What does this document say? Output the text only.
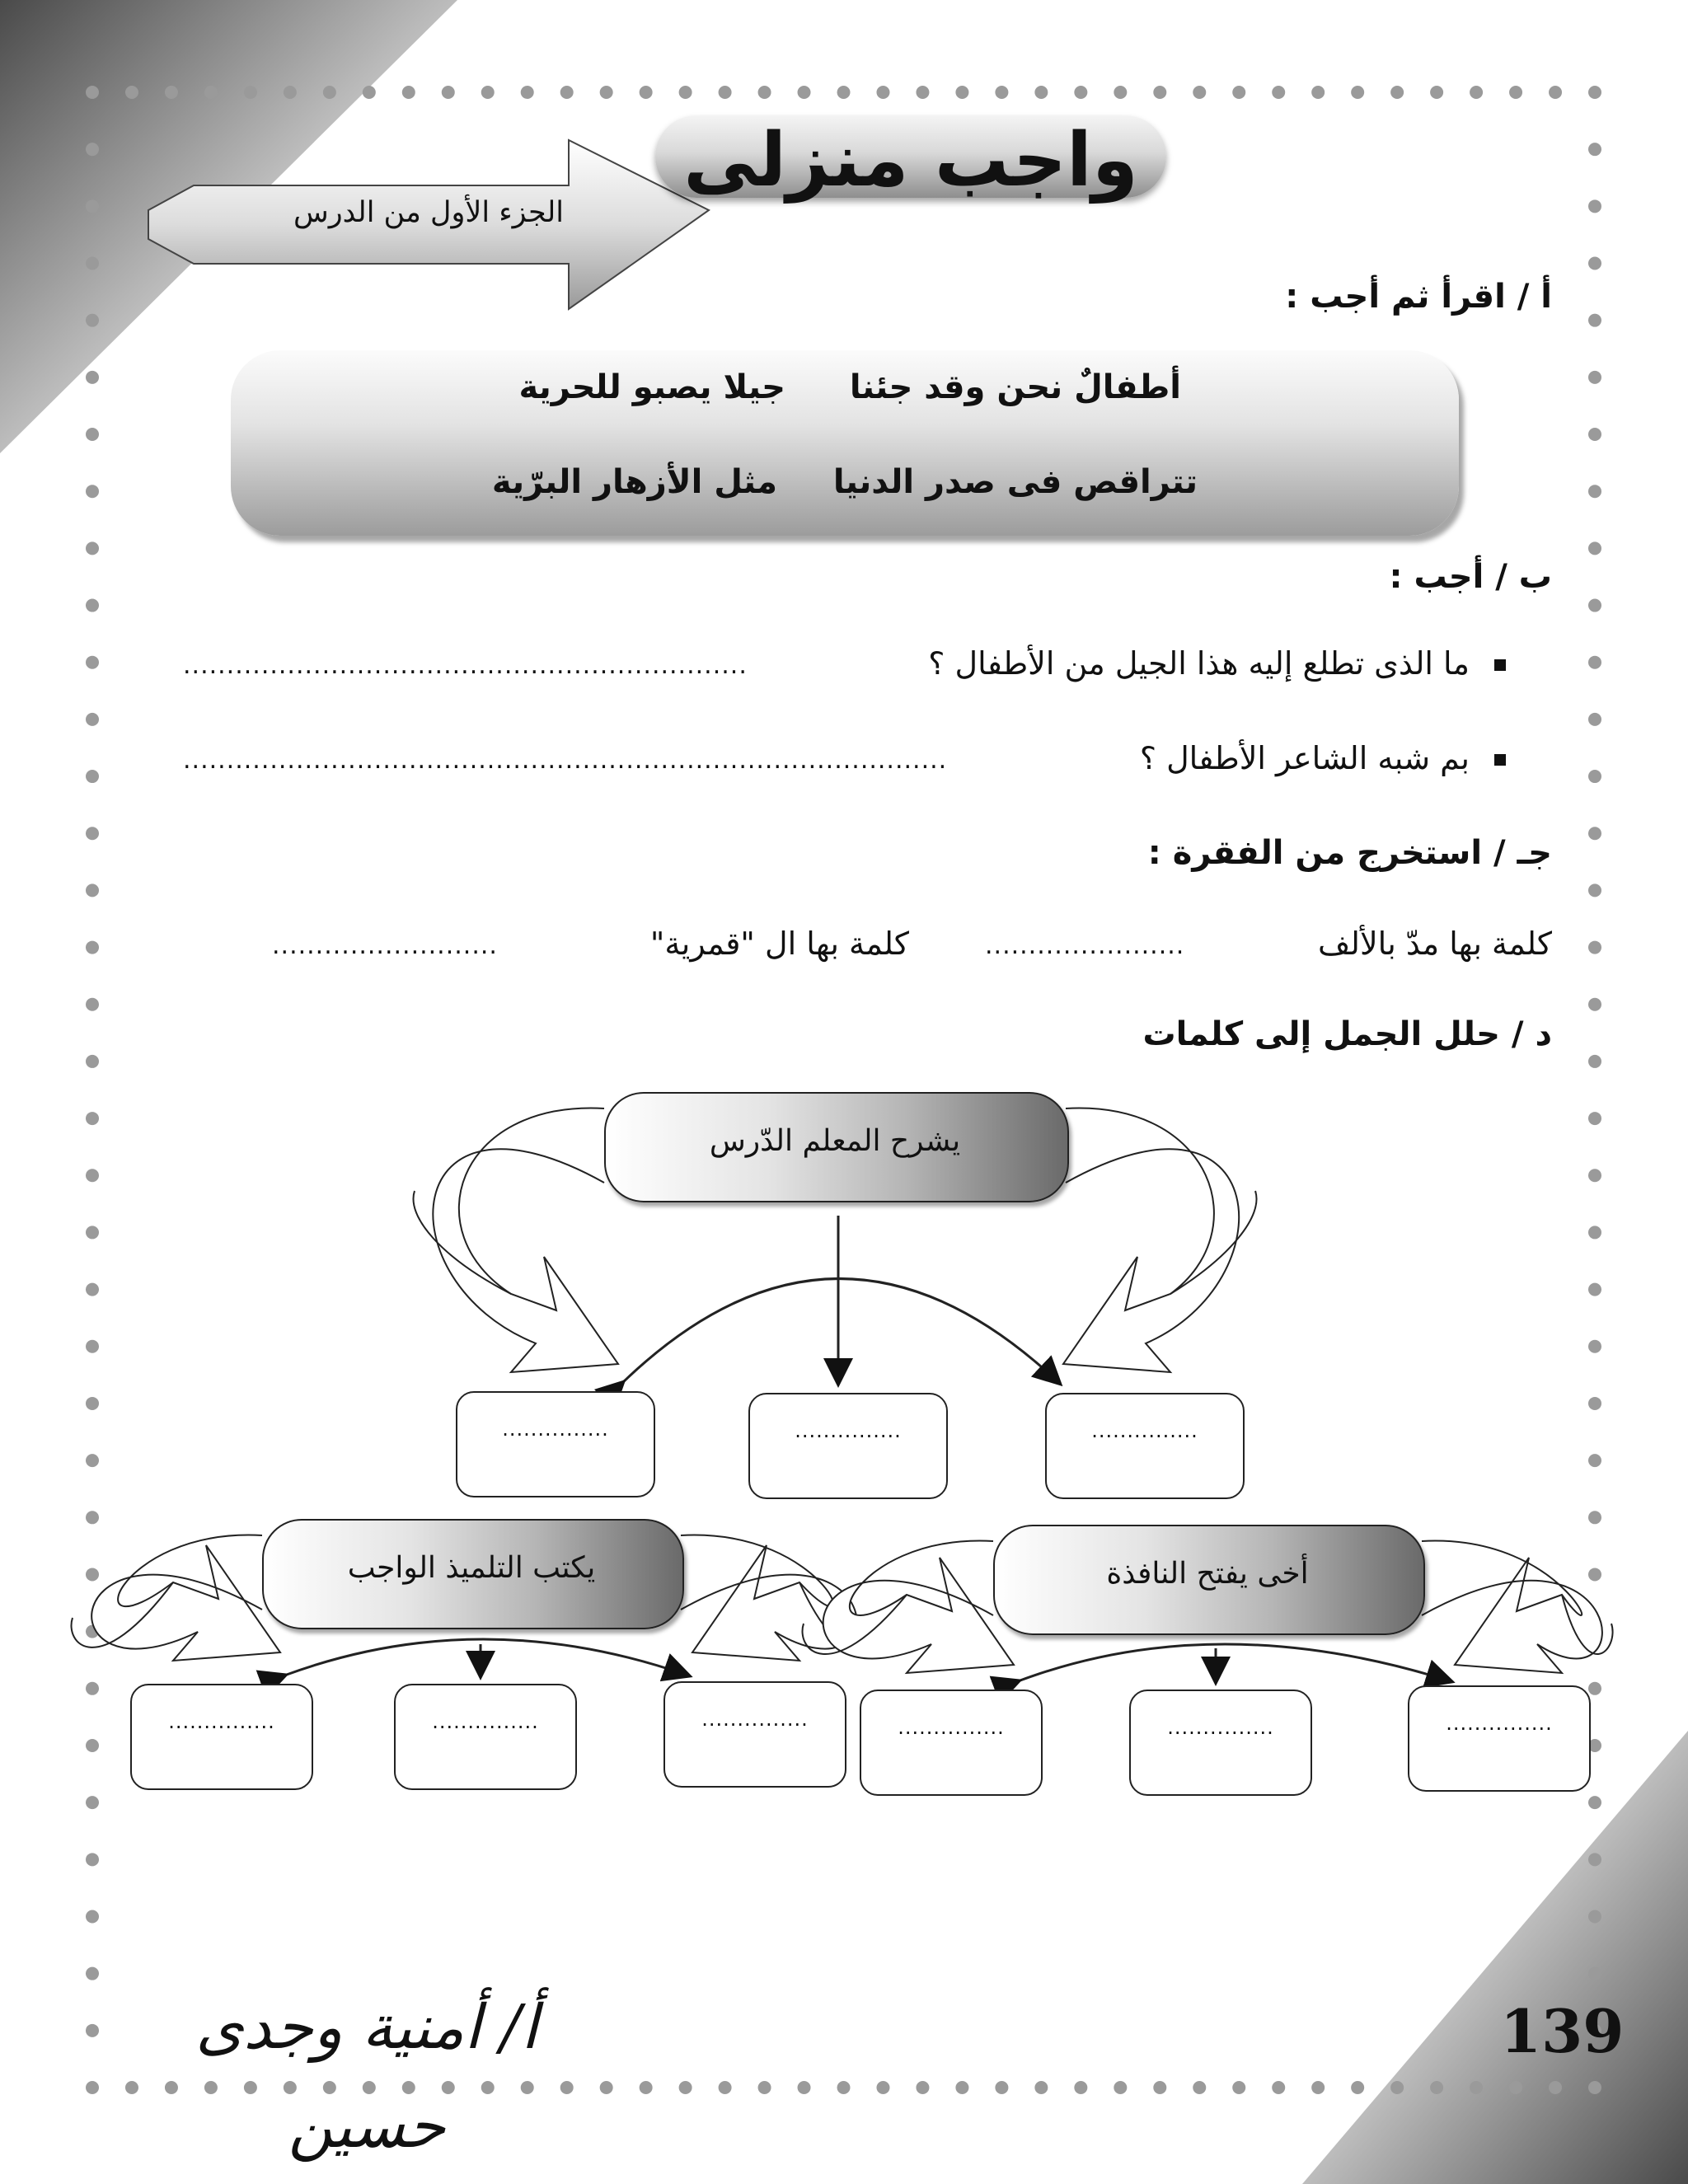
واجب منزلى
الجزء الأول من الدرس
أ / اقرأ ثم أجب :
أطفالٌ نحن وقد جئنا
جيلا يصبو للحرية
تتراقص فى صدر الدنيا
مثل الأزهار البرّية
ب / أجب :
ما الذى تطلع إليه هذا الجيل من الأطفال ؟
.................................................................
بم شبه الشاعر الأطفال ؟
........................................................................................
جـ / استخرج من الفقرة :
كلمة بها مدّ بالألف
.......................
كلمة بها ال "قمرية"
..........................
د / حلل الجمل إلى كلمات
يشرح المعلم الدّرس
...............	...............	...............
يكتب التلميذ الواجب
...............	...............	...............
أخى يفتح النافذة
...............	...............	...............
أ/ أمنية وجدى حسين
139
